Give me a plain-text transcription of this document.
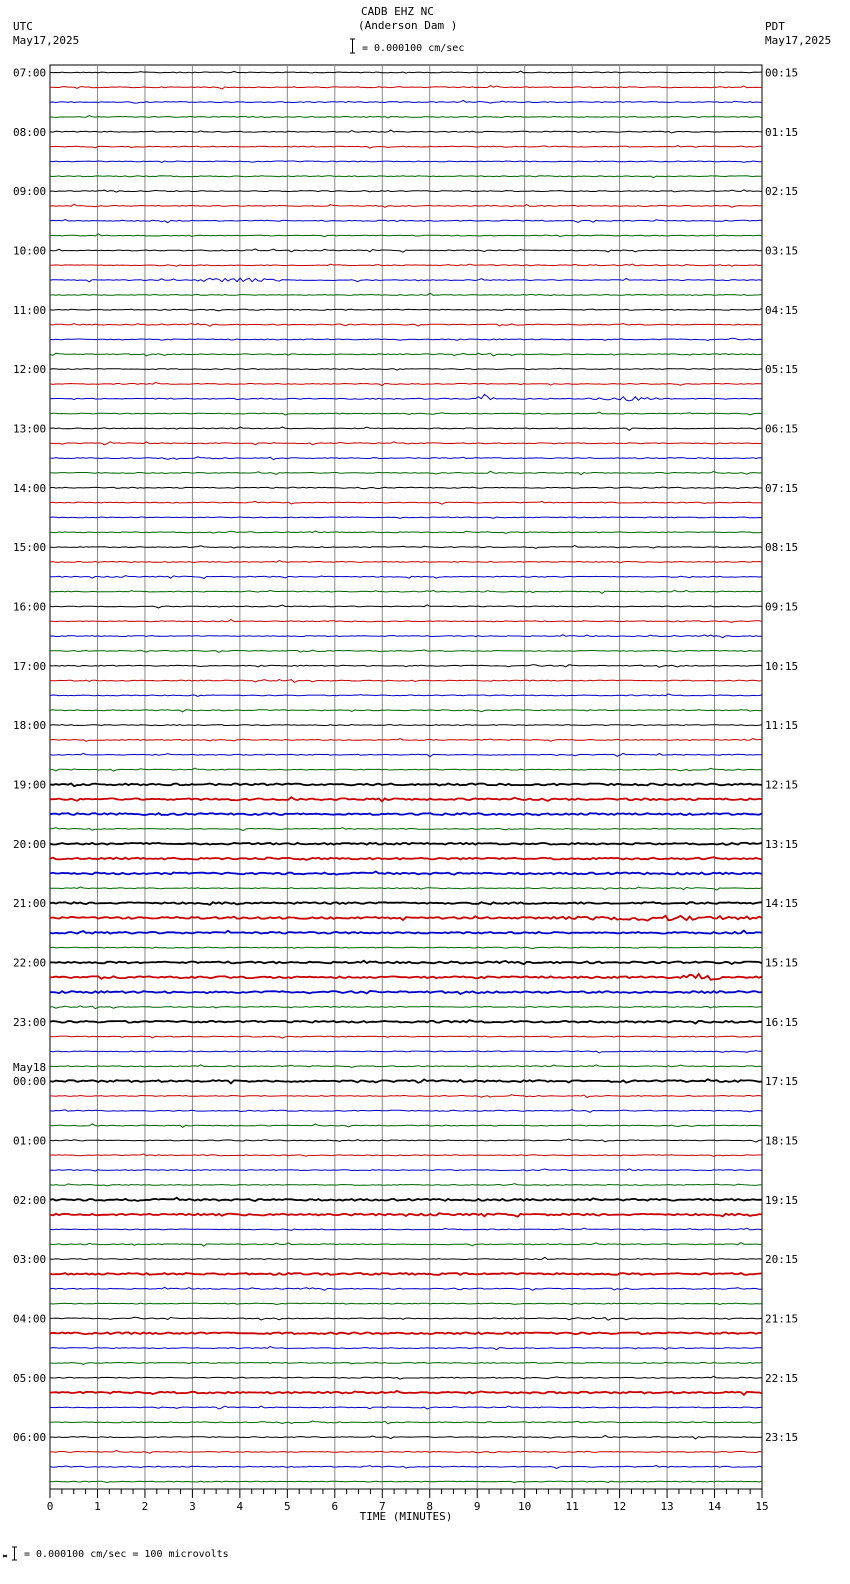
CADB EHZ NC
(Anderson Dam )
UTC
May17,2025
PDT
May17,2025
= 0.000100 cm/sec
= 0.000100 cm/sec = 100 microvolts
07:00
08:00
09:00
10:00
11:00
12:00
13:00
14:00
15:00
16:00
17:00
18:00
19:00
20:00
21:00
22:00
23:00
00:00
May18
01:00
02:00
03:00
04:00
05:00
06:00
00:15
01:15
02:15
03:15
04:15
05:15
06:15
07:15
08:15
09:15
10:15
11:15
12:15
13:15
14:15
15:15
16:15
17:15
18:15
19:15
20:15
21:15
22:15
23:15
0	1	2	3	4	5	6	7	8	9	10	11	12	13	14	15
TIME (MINUTES)
